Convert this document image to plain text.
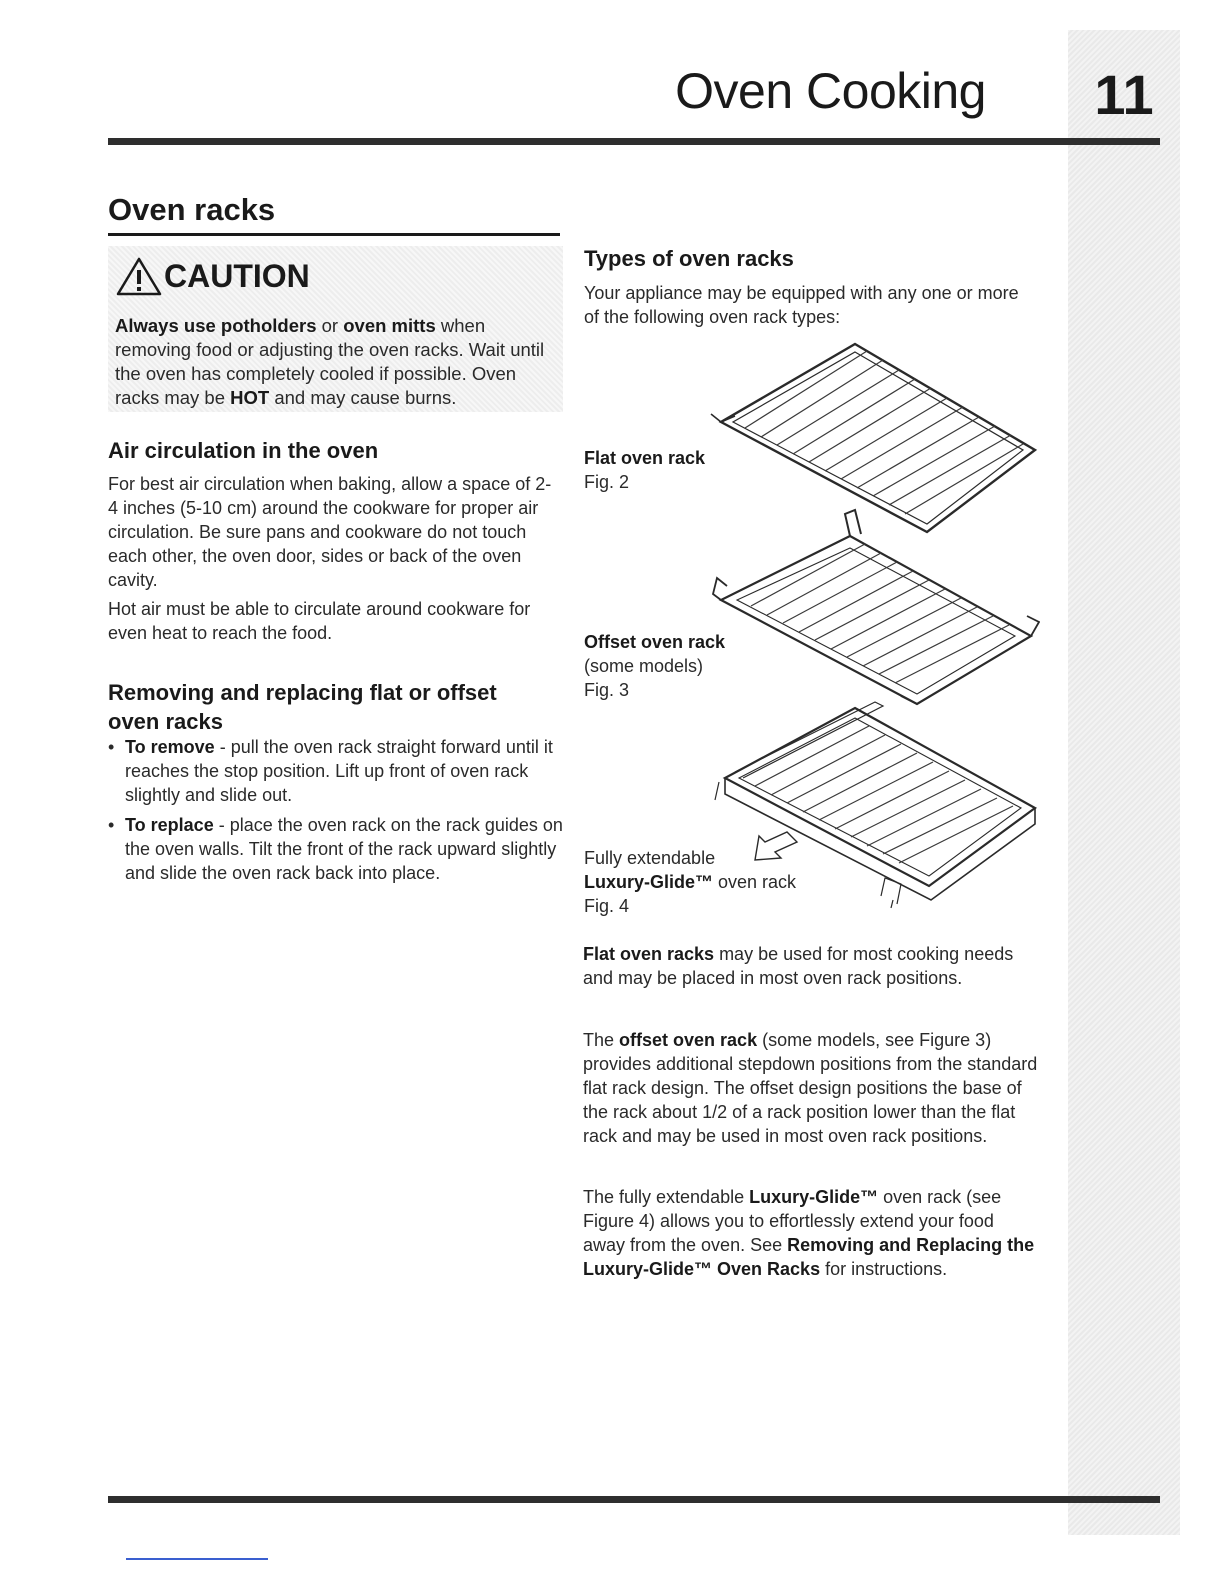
11
Oven Cooking
Oven racks
CAUTION
Always use potholders or oven mitts when removing food or adjusting the oven racks. Wait until the oven has completely cooled if possible. Oven racks may be HOT and may cause burns.
Air circulation in the oven

For best air circulation when baking, allow a space of 2-4 inches (5-10 cm) around the cookware for proper air circulation. Be sure pans and cookware do not touch each other, the oven door, sides or back of the oven cavity.

Hot air must be able to circulate around cookware for even heat to reach the food.

Removing and replacing flat or offset oven racks
• To remove - pull the oven rack straight forward until it reaches the stop position. Lift up front of oven rack slightly and slide out.
• To replace - place the oven rack on the rack guides on the oven walls. Tilt the front of the rack upward slightly and slide the oven rack back into place.
Types of oven racks

Your appliance may be equipped with any one or more of the following oven rack types:

Flat oven rack
Fig. 2
Offset oven rack
(some models)
Fig. 3
Fully extendable
Luxury-Glide™ oven rack
Fig. 4
Flat oven racks may be used for most cooking needs and may be placed in most oven rack positions.
The offset oven rack (some models, see Figure 3) provides additional stepdown positions from the standard flat rack design. The offset design positions the base of the rack about 1/2 of a rack position lower than the flat rack and may be used in most oven rack positions.
The fully extendable Luxury-Glide™ oven rack (see Figure 4) allows you to effortlessly extend your food away from the oven. See Removing and Replacing the Luxury-Glide™ Oven Racks for instructions.
